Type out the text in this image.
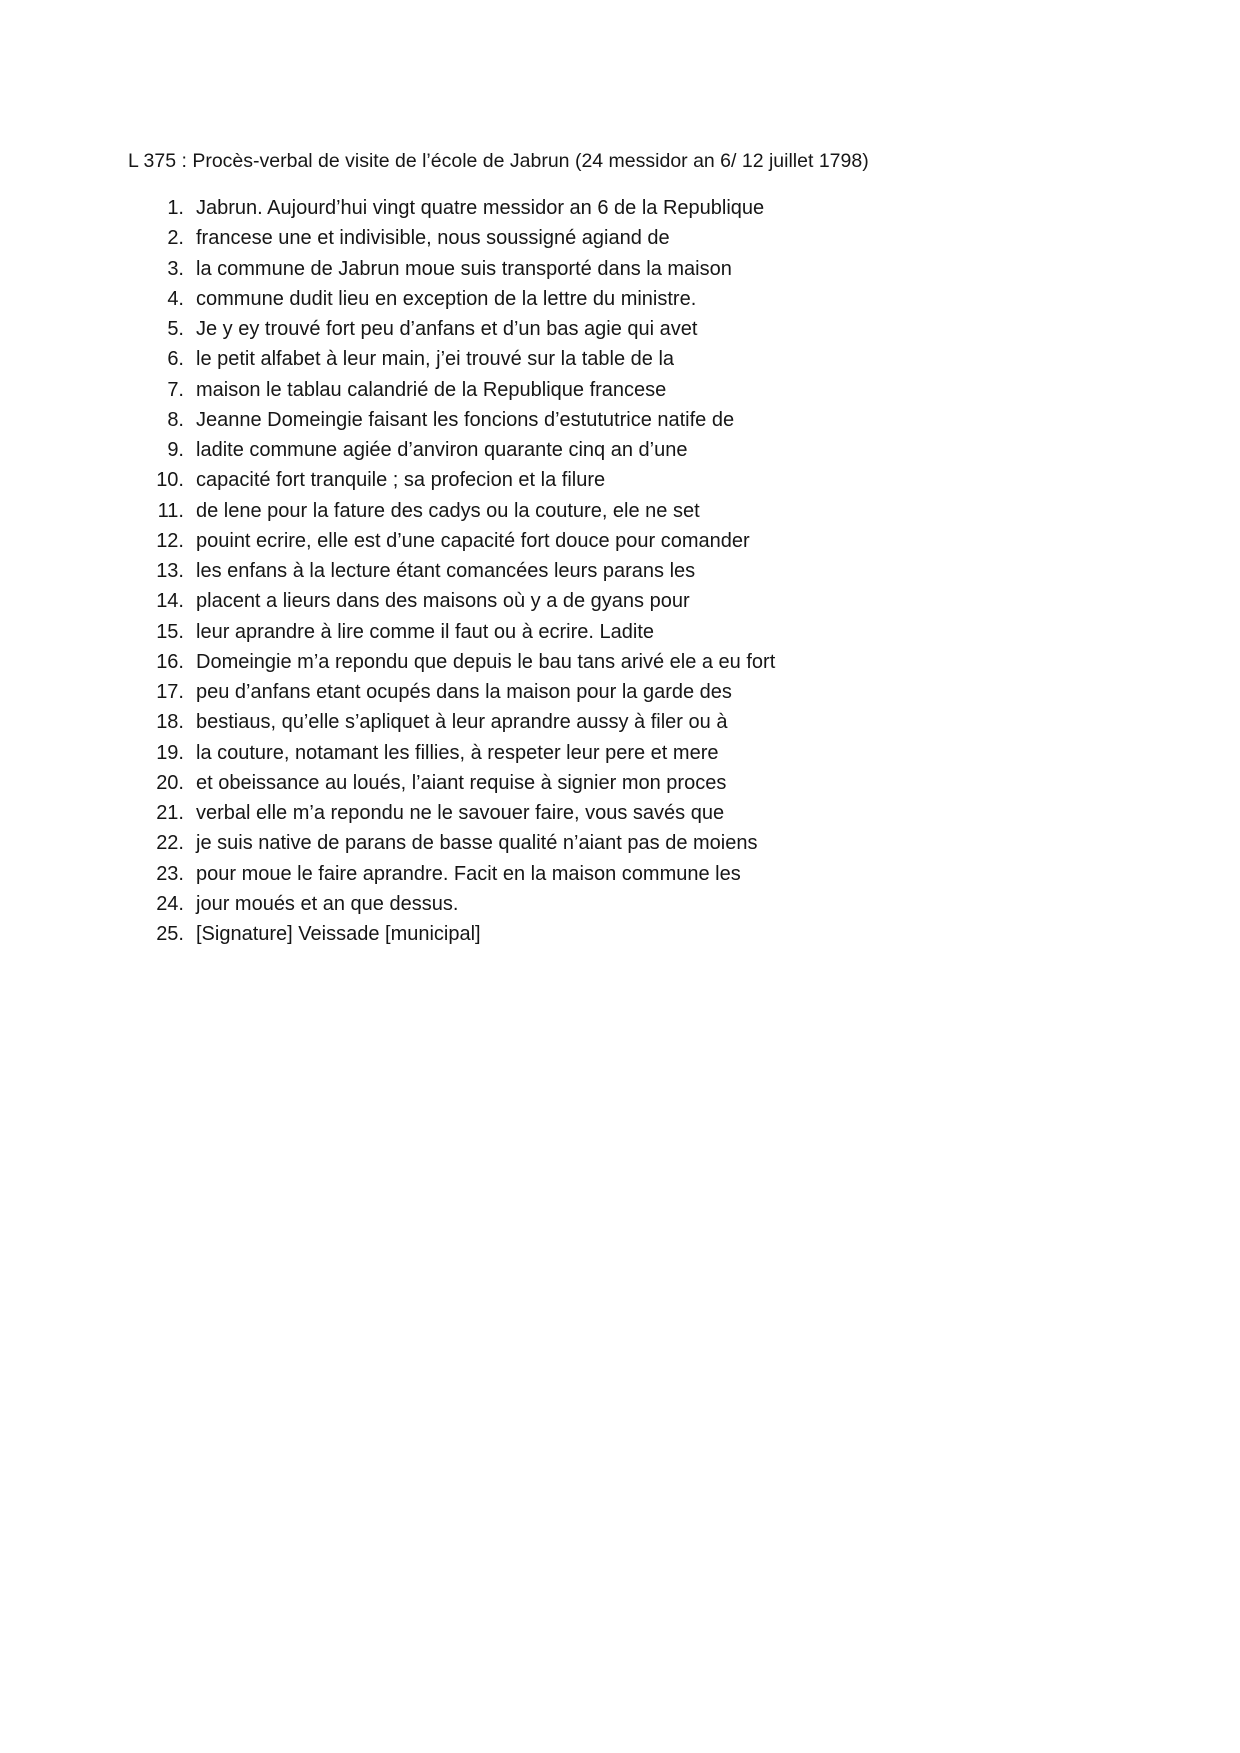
L 375 : Procès-verbal de visite de l’école de Jabrun (24 messidor an 6/ 12 juillet 1798)
1. Jabrun. Aujourd’hui vingt quatre messidor an 6 de la Republique
2. francese une et indivisible, nous soussigné agiand de
3. la commune de Jabrun moue suis transporté dans la maison
4. commune dudit lieu en exception de la lettre du ministre.
5. Je y ey trouvé fort peu d’anfans et d’un bas agie qui avet
6. le petit alfabet à leur main, j’ei trouvé sur la table de la
7. maison le tablau calandrié de la Republique francese
8. Jeanne Domeingie faisant les foncions d’estututrice natife de
9. ladite commune agiée d’anviron quarante cinq an d’une
10. capacité fort tranquile ; sa profecion et la filure
11. de lene pour la fature des cadys ou la couture, ele ne set
12. pouint ecrire, elle est d’une capacité fort douce pour comander
13. les enfans à la lecture étant comancées leurs parans les
14. placent a lieurs dans des maisons où y a de gyans pour
15. leur aprandre à lire comme il faut ou à ecrire. Ladite
16. Domeingie m’a repondu que depuis le bau tans arivé ele a eu fort
17. peu d’anfans etant ocupés dans la maison pour la garde des
18. bestiaus, qu’elle s’apliquet à leur aprandre aussy à filer ou à
19. la couture, notamant les fillies, à respeter leur pere et mere
20. et obeissance au loués, l’aiant requise à signier mon proces
21. verbal elle m’a repondu ne le savouer faire, vous savés que
22. je suis native de parans de basse qualité n’aiant pas de moiens
23. pour moue le faire aprandre. Facit en la maison commune les
24. jour moués et an que dessus.
25. [Signature] Veissade [municipal]
